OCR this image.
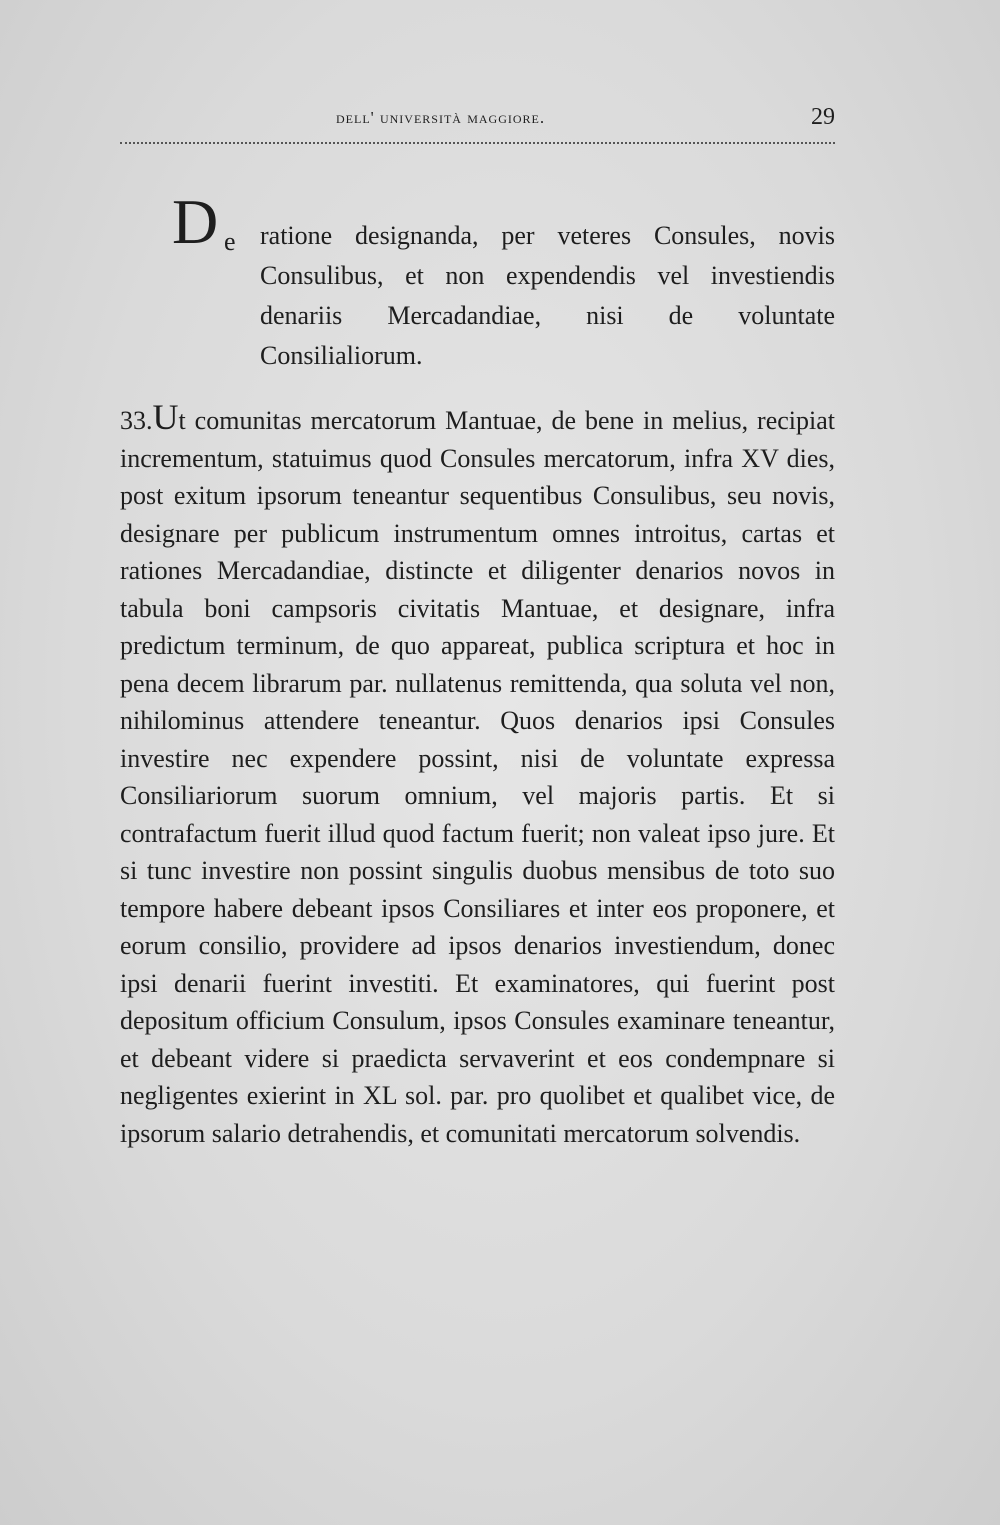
dell' università maggiore.	29
D e ratione designanda, per veteres Consules, novis Consulibus, et non expendendis vel investiendis denariis Mercadandiae, nisi de voluntate Consilialiorum.
33.Ut comunitas mercatorum Mantuae, de bene in melius, recipiat incrementum, statuimus quod Consules mercatorum, infra XV dies, post exitum ipsorum teneantur sequentibus Consulibus, seu novis, designare per publicum instrumentum omnes introitus, cartas et rationes Mercadandiae, distincte et diligenter denarios novos in tabula boni campsoris civitatis Mantuae, et designare, infra predictum terminum, de quo appareat, publica scriptura et hoc in pena decem librarum par. nullatenus remittenda, qua soluta vel non, nihilominus attendere teneantur. Quos denarios ipsi Consules investire nec expendere possint, nisi de voluntate expressa Consiliariorum suorum omnium, vel majoris partis. Et si contrafactum fuerit illud quod factum fuerit; non valeat ipso jure. Et si tunc investire non possint singulis duobus mensibus de toto suo tempore habere debeant ipsos Consiliares et inter eos proponere, et eorum consilio, providere ad ipsos denarios investiendum, donec ipsi denarii fuerint investiti. Et examinatores, qui fuerint post depositum officium Consulum, ipsos Consules examinare teneantur, et debeant videre si praedicta servaverint et eos condempnare si negligentes exierint in XL sol. par. pro quolibet et qualibet vice, de ipsorum salario detrahendis, et comunitati mercatorum solvendis.
